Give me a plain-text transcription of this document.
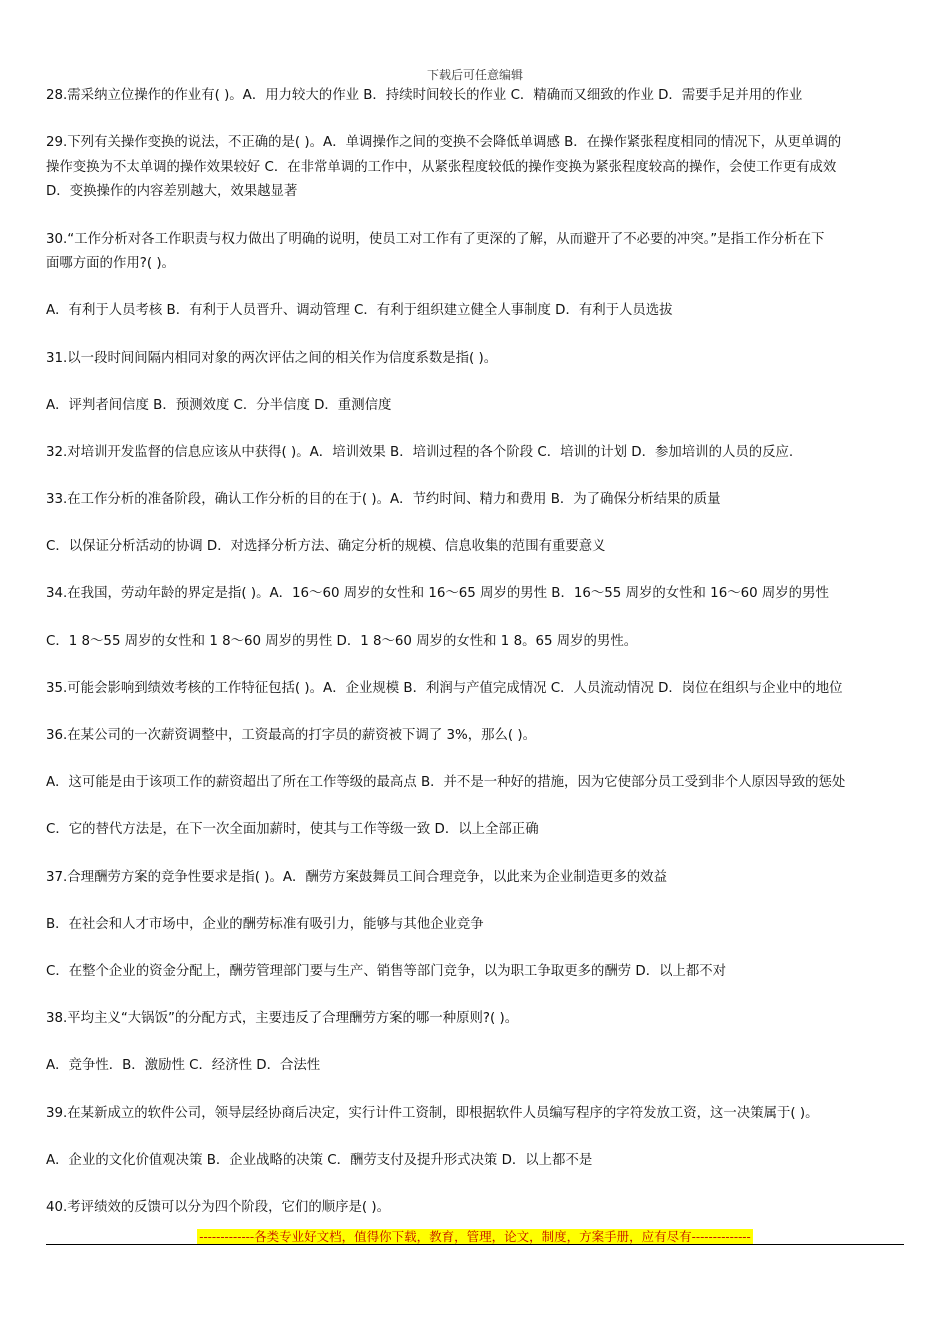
下载后可任意编辑
28.需采纳立位操作的作业有( )。A．用力较大的作业 B．持续时间较长的作业 C．精确而又细致的作业 D．需要手足并用的作业
29.下列有关操作变换的说法，不正确的是( )。A．单调操作之间的变换不会降低单调感 B．在操作紧张程度相同的情况下，从更单调的
操作变换为不太单调的操作效果较好 C．在非常单调的工作中，从紧张程度较低的操作变换为紧张程度较高的操作，会使工作更有成效
D．变换操作的内容差别越大，效果越显著
30.“工作分析对各工作职责与权力做出了明确的说明，使员工对工作有了更深的了解，从而避开了不必要的冲突。”是指工作分析在下
面哪方面的作用?( )。
A．有利于人员考核 B．有利于人员晋升、调动管理 C．有利于组织建立健全人事制度 D．有利于人员选拔
31.以一段时间间隔内相同对象的两次评估之间的相关作为信度系数是指( )。
A．评判者间信度 B．预测效度 C．分半信度 D．重测信度
32.对培训开发监督的信息应该从中获得( )。A．培训效果 B．培训过程的各个阶段 C．培训的计划 D．参加培训的人员的反应.
33.在工作分析的准备阶段，确认工作分析的目的在于( )。A．节约时间、精力和费用 B．为了确保分析结果的质量
C．以保证分析活动的协调 D．对选择分析方法、确定分析的规模、信息收集的范围有重要意义
34.在我国，劳动年龄的界定是指( )。A．16～60 周岁的女性和 16～65 周岁的男性 B．16～55 周岁的女性和 16～60 周岁的男性
C．1 8～55 周岁的女性和 1 8～60 周岁的男性 D．1 8～60 周岁的女性和 1 8。65 周岁的男性。
35.可能会影响到绩效考核的工作特征包括( )。A．企业规模 B．利润与产值完成情况 C．人员流动情况 D．岗位在组织与企业中的地位
36.在某公司的一次薪资调整中，工资最高的打字员的薪资被下调了 3%，那么( )。
A．这可能是由于该项工作的薪资超出了所在工作等级的最高点 B．并不是一种好的措施，因为它使部分员工受到非个人原因导致的惩处
C．它的替代方法是，在下一次全面加薪时，使其与工作等级一致 D．以上全部正确
37.合理酬劳方案的竞争性要求是指( )。A．酬劳方案鼓舞员工间合理竞争，以此来为企业制造更多的效益
B．在社会和人才市场中，企业的酬劳标准有吸引力，能够与其他企业竞争
C．在整个企业的资金分配上，酬劳管理部门要与生产、销售等部门竞争，以为职工争取更多的酬劳 D．以上都不对
38.平均主义“大锅饭”的分配方式，主要违反了合理酬劳方案的哪一种原则?( )。
A．竞争性．B．激励性 C．经济性 D．合法性
39.在某新成立的软件公司，领导层经协商后决定，实行计件工资制，即根据软件人员编写程序的字符发放工资，这一决策属于( )。
A．企业的文化价值观决策 B．企业战略的决策 C．酬劳支付及提升形式决策 D．以上都不是
40.考评绩效的反馈可以分为四个阶段，它们的顺序是( )。
-------------各类专业好文档，值得你下载，教育，管理，论文，制度，方案手册，应有尽有--------------
